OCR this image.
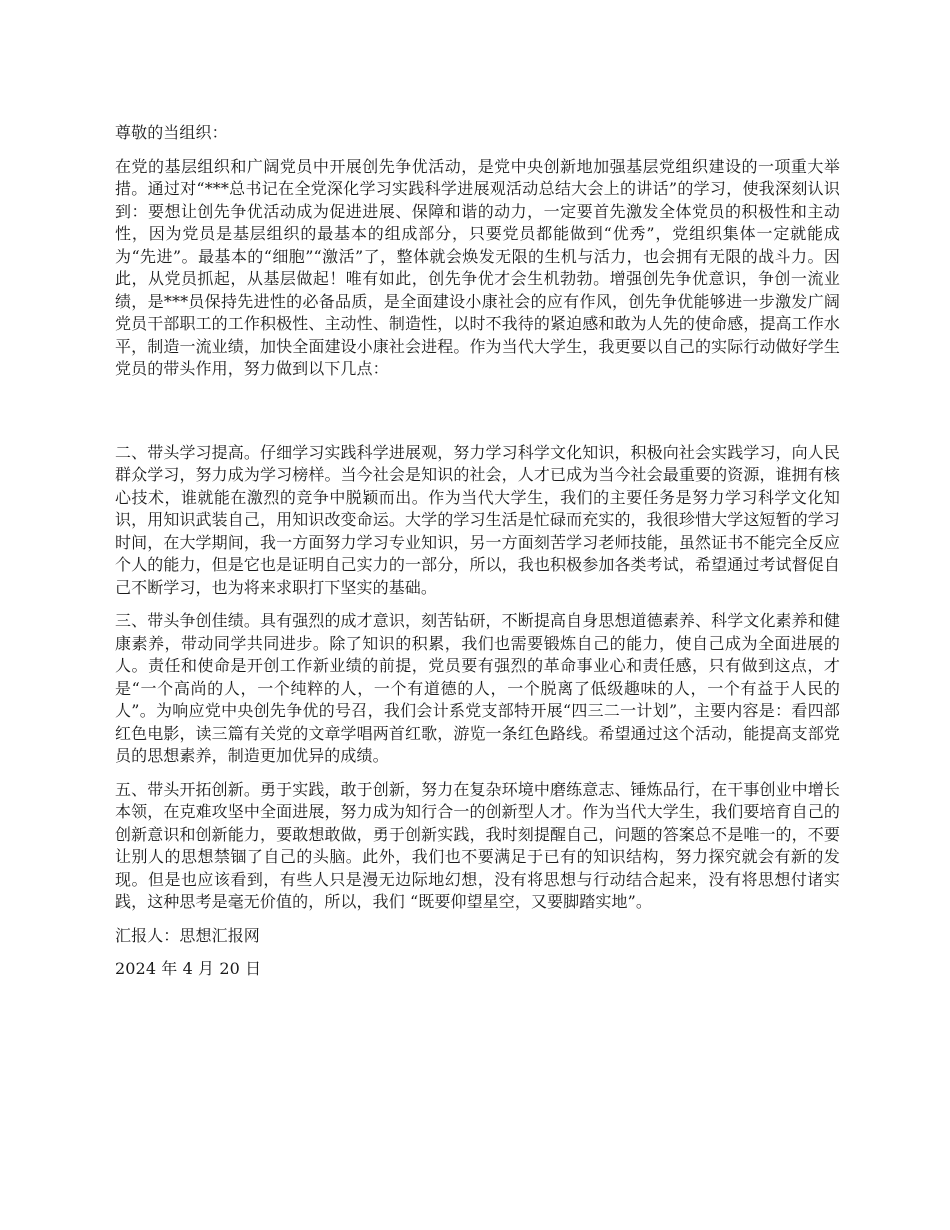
尊敬的当组织：

在党的基层组织和广阔党员中开展创先争优活动，是党中央创新地加强基层党组织建设的一项重大举措。通过对“***总书记在全党深化学习实践科学进展观活动总结大会上的讲话”的学习，使我深刻认识到：要想让创先争优活动成为促进进展、保障和谐的动力，一定要首先激发全体党员的积极性和主动性，因为党员是基层组织的最基本的组成部分，只要党员都能做到“优秀”，党组织集体一定就能成为“先进”。最基本的“细胞”“激活”了，整体就会焕发无限的生机与活力，也会拥有无限的战斗力。因此，从党员抓起，从基层做起！唯有如此，创先争优才会生机勃勃。增强创先争优意识，争创一流业绩，是***员保持先进性的必备品质，是全面建设小康社会的应有作风，创先争优能够进一步激发广阔党员干部职工的工作积极性、主动性、制造性，以时不我待的紧迫感和敢为人先的使命感，提高工作水平，制造一流业绩，加快全面建设小康社会进程。作为当代大学生，我更要以自己的实际行动做好学生党员的带头作用，努力做到以下几点：

二、带头学习提高。仔细学习实践科学进展观，努力学习科学文化知识，积极向社会实践学习，向人民群众学习，努力成为学习榜样。当今社会是知识的社会，人才已成为当今社会最重要的资源，谁拥有核心技术，谁就能在激烈的竞争中脱颖而出。作为当代大学生，我们的主要任务是努力学习科学文化知识，用知识武装自己，用知识改变命运。大学的学习生活是忙碌而充实的，我很珍惜大学这短暂的学习时间，在大学期间，我一方面努力学习专业知识，另一方面刻苦学习老师技能，虽然证书不能完全反应个人的能力，但是它也是证明自己实力的一部分，所以，我也积极参加各类考试，希望通过考试督促自己不断学习，也为将来求职打下坚实的基础。

三、带头争创佳绩。具有强烈的成才意识，刻苦钻研，不断提高自身思想道德素养、科学文化素养和健康素养，带动同学共同进步。除了知识的积累，我们也需要锻炼自己的能力，使自己成为全面进展的人。责任和使命是开创工作新业绩的前提，党员要有强烈的革命事业心和责任感，只有做到这点，才是“一个高尚的人，一个纯粹的人，一个有道德的人，一个脱离了低级趣味的人，一个有益于人民的人”。为响应党中央创先争优的号召，我们会计系党支部特开展“四三二一计划”，主要内容是：看四部红色电影，读三篇有关党的文章学唱两首红歌，游览一条红色路线。希望通过这个活动，能提高支部党员的思想素养，制造更加优异的成绩。

五、带头开拓创新。勇于实践，敢于创新，努力在复杂环境中磨练意志、锤炼品行，在干事创业中增长本领，在克难攻坚中全面进展，努力成为知行合一的创新型人才。作为当代大学生，我们要培育自己的创新意识和创新能力，要敢想敢做，勇于创新实践，我时刻提醒自己，问题的答案总不是唯一的，不要让别人的思想禁锢了自己的头脑。此外，我们也不要满足于已有的知识结构，努力探究就会有新的发现。但是也应该看到，有些人只是漫无边际地幻想，没有将思想与行动结合起来，没有将思想付诸实践，这种思考是毫无价值的，所以，我们 “既要仰望星空，又要脚踏实地”。

汇报人：思想汇报网

2024 年 4 月 20 日
